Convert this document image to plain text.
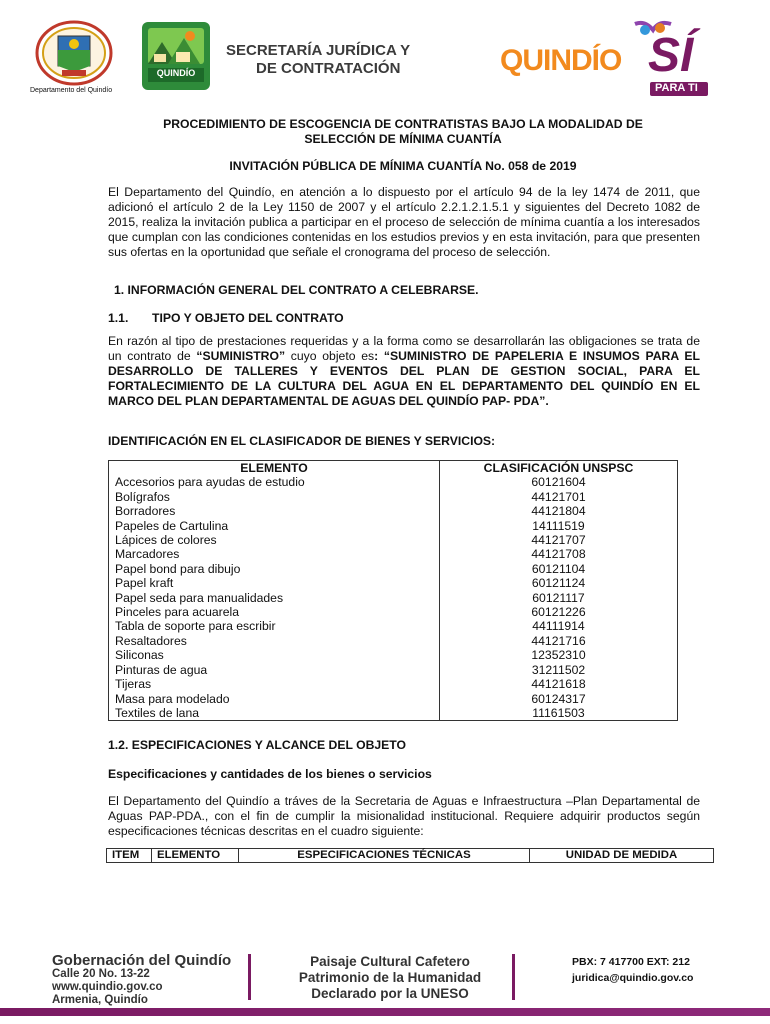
Departamento del Quindío
QUINDÍO
SECRETARÍA JURÍDICA Y
DE CONTRATACIÓN	QUINDÍO SÍ
PARA TI
PROCEDIMIENTO DE ESCOGENCIA DE CONTRATISTAS BAJO LA MODALIDAD DE
SELECCIÓN DE MÍNIMA CUANTÍA
INVITACIÓN PÚBLICA DE MÍNIMA CUANTÍA No. 058 de 2019
El Departamento del Quindío, en atención a lo dispuesto por el artículo 94 de la ley 1474 de 2011, que adicionó el artículo 2 de la Ley 1150 de 2007 y el artículo 2.2.1.2.1.5.1 y siguientes del Decreto 1082 de 2015, realiza la invitación publica a participar en el proceso de selección de mínima cuantía a los interesados que cumplan con las condiciones contenidas en los estudios previos y en esta invitación, para que presenten sus ofertas en la oportunidad que señale el cronograma del proceso de selección.
1. INFORMACIÓN GENERAL DEL CONTRATO A CELEBRARSE.
1.1. TIPO Y OBJETO DEL CONTRATO
En razón al tipo de prestaciones requeridas y a la forma como se desarrollarán las obligaciones se trata de un contrato de “SUMINISTRO” cuyo objeto es: “SUMINISTRO DE PAPELERIA E INSUMOS PARA EL DESARROLLO DE TALLERES Y EVENTOS DEL PLAN DE GESTION SOCIAL, PARA EL FORTALECIMIENTO DE LA CULTURA DEL AGUA EN EL DEPARTAMENTO DEL QUINDÍO EN EL MARCO DEL PLAN DEPARTAMENTAL DE AGUAS DEL QUINDÍO PAP- PDA”.
IDENTIFICACIÓN EN EL CLASIFICADOR DE BIENES Y SERVICIOS:
ELEMENTO	CLASIFICACIÓN UNSPSC
Accesorios para ayudas de estudio	60121604
Bolígrafos	44121701
Borradores	44121804
Papeles de Cartulina	14111519
Lápices de colores	44121707
Marcadores	44121708
Papel bond para dibujo	60121104
Papel kraft	60121124
Papel seda para manualidades	60121117
Pinceles para acuarela	60121226
Tabla de soporte para escribir	44111914
Resaltadores	44121716
Siliconas	12352310
Pinturas de agua	31211502
Tijeras	44121618
Masa para modelado	60124317
Textiles de lana	11161503
1.2. ESPECIFICACIONES Y ALCANCE DEL OBJETO
Especificaciones y cantidades de los bienes o servicios
El Departamento del Quindío a tráves de la Secretaria de Aguas e Infraestructura –Plan Departamental de Aguas PAP-PDA., con el fin de cumplir la misionalidad institucional. Requiere adquirir productos según especificaciones técnicas descritas en el cuadro siguiente:
ITEM	ELEMENTO	ESPECIFICACIONES TÉCNICAS	UNIDAD DE MEDIDA
Gobernación del Quindío
Calle 20 No. 13-22
www.quindio.gov.co
Armenia, Quindío
Paisaje Cultural Cafetero
Patrimonio de la Humanidad
Declarado por la UNESO
PBX: 7 417700 EXT: 212
juridica@quindio.gov.co
